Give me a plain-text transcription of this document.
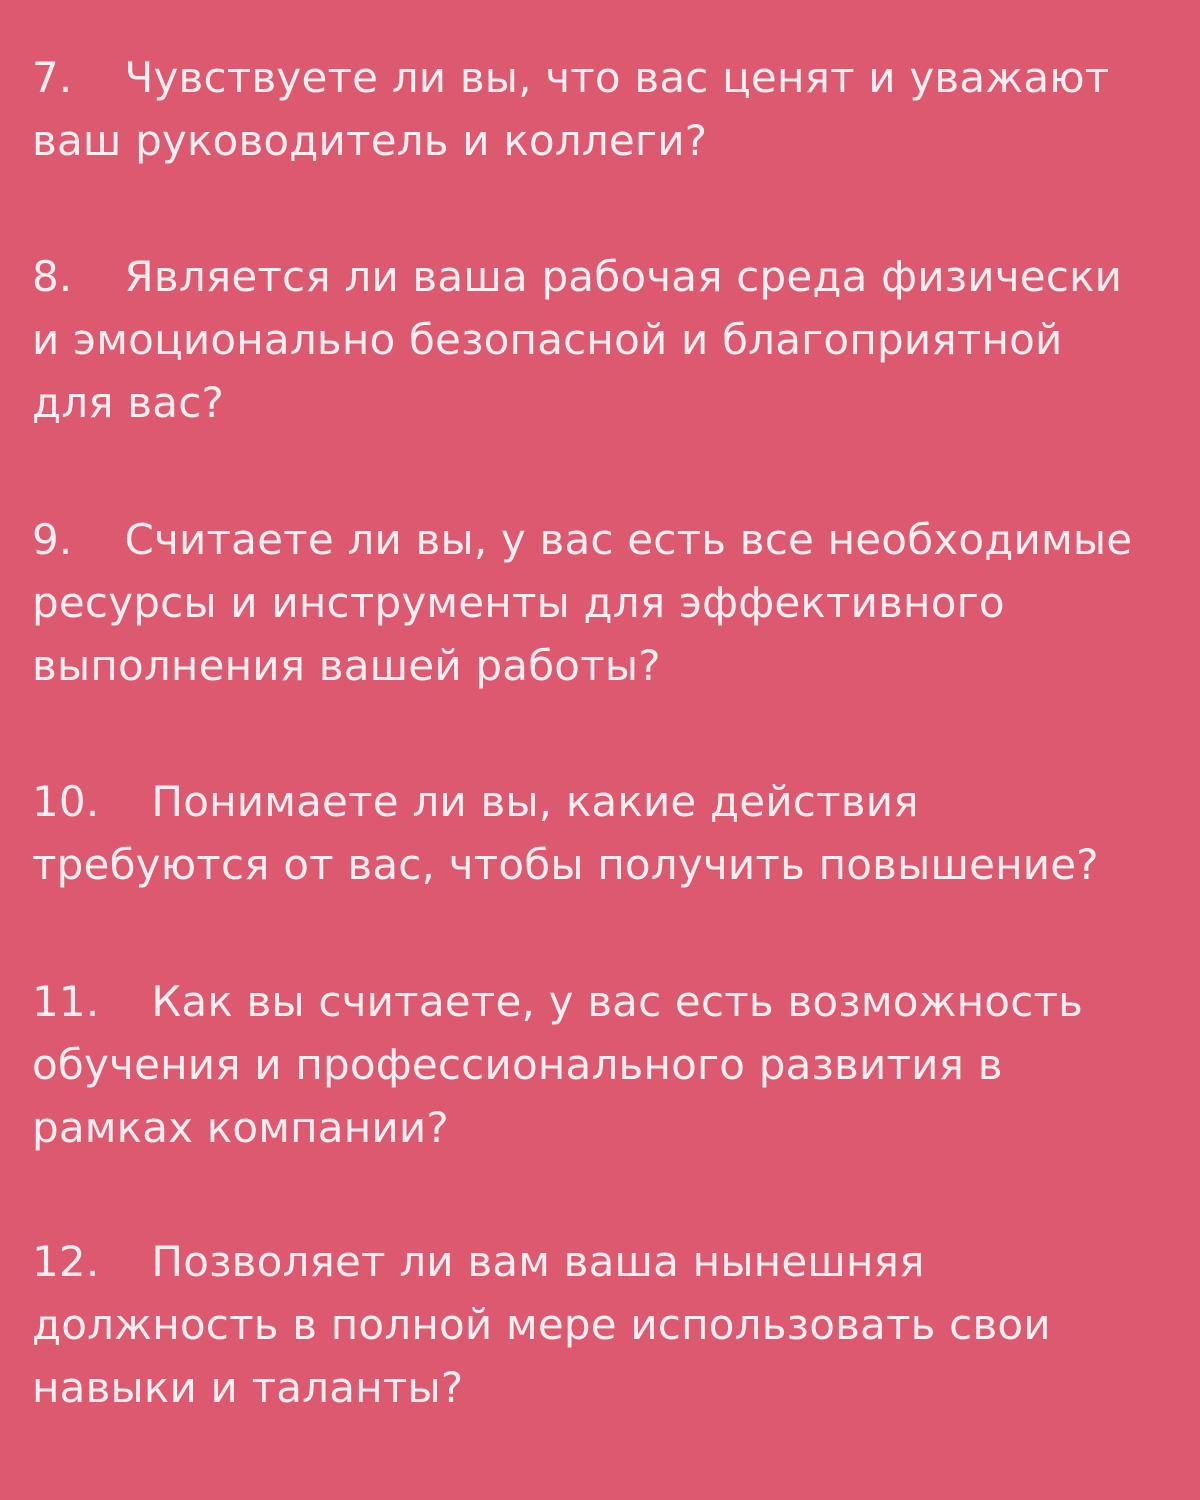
7. Чувствуете ли вы, что вас ценят и уважают
ваш руководитель и коллеги?
8. Является ли ваша рабочая среда физически
и эмоционально безопасной и благоприятной
для вас?
9. Считаете ли вы, у вас есть все необходимые
ресурсы и инструменты для эффективного
выполнения вашей работы?
10. Понимаете ли вы, какие действия
требуются от вас, чтобы получить повышение?
11. Как вы считаете, у вас есть возможность
обучения и профессионального развития в
рамках компании?
12. Позволяет ли вам ваша нынешняя
должность в полной мере использовать свои
навыки и таланты?
